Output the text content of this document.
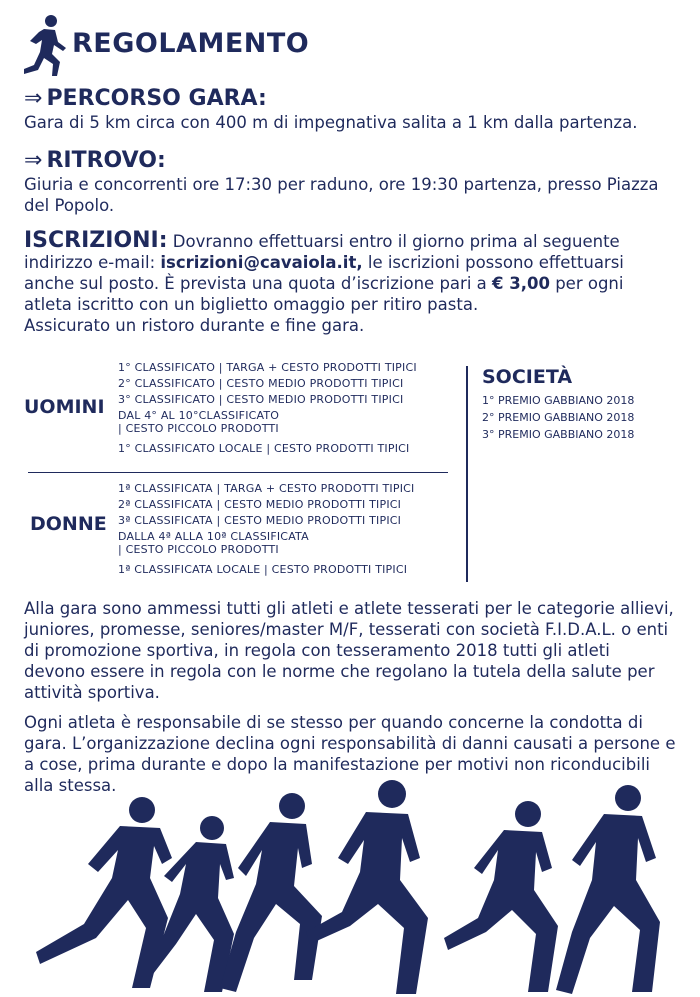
REGOLAMENTO
⇒ PERCORSO GARA:

Gara di 5 km circa con 400 m di impegnativa salita a 1 km dalla partenza.

⇒ RITROVO:

Giuria e concorrenti ore 17:30 per raduno, ore 19:30 partenza, presso Piazza del Popolo.

ISCRIZIONI: Dovranno effettuarsi entro il giorno prima al seguente indirizzo e-mail: iscrizioni@cavaiola.it, le iscrizioni possono effettuarsi anche sul posto. È prevista una quota d’iscrizione pari a € 3,00 per ogni atleta iscritto con un biglietto omaggio per ritiro pasta.
Assicurato un ristoro durante e fine gara.

UOMINI
1° CLASSIFICATO | TARGA + CESTO PRODOTTI TIPICI
2° CLASSIFICATO | CESTO MEDIO PRODOTTI TIPICI
3° CLASSIFICATO | CESTO MEDIO PRODOTTI TIPICI
DAL 4° AL 10°CLASSIFICATO
| CESTO PICCOLO PRODOTTI
1° CLASSIFICATO LOCALE | CESTO PRODOTTI TIPICI
DONNE
1ª CLASSIFICATA | TARGA + CESTO PRODOTTI TIPICI
2ª CLASSIFICATA | CESTO MEDIO PRODOTTI TIPICI
3ª CLASSIFICATA | CESTO MEDIO PRODOTTI TIPICI
DALLA 4ª ALLA 10ª CLASSIFICATA
| CESTO PICCOLO PRODOTTI
1ª CLASSIFICATA LOCALE | CESTO PRODOTTI TIPICI
SOCIETÀ
1° PREMIO GABBIANO 2018
2° PREMIO GABBIANO 2018
3° PREMIO GABBIANO 2018

Alla gara sono ammessi tutti gli atleti e atlete tesserati per le categorie allievi, juniores, promesse, seniores/master M/F, tesserati con società F.I.D.A.L. o enti di promozione sportiva, in regola con tesseramento 2018 tutti gli atleti devono essere in regola con le norme che regolano la tutela della salute per attività sportiva.

Ogni atleta è responsabile di se stesso per quando concerne la condotta di gara. L’organizzazione declina ogni responsabilità di danni causati a persone e a cose, prima durante e dopo la manifestazione per motivi non riconducibili alla stessa.
